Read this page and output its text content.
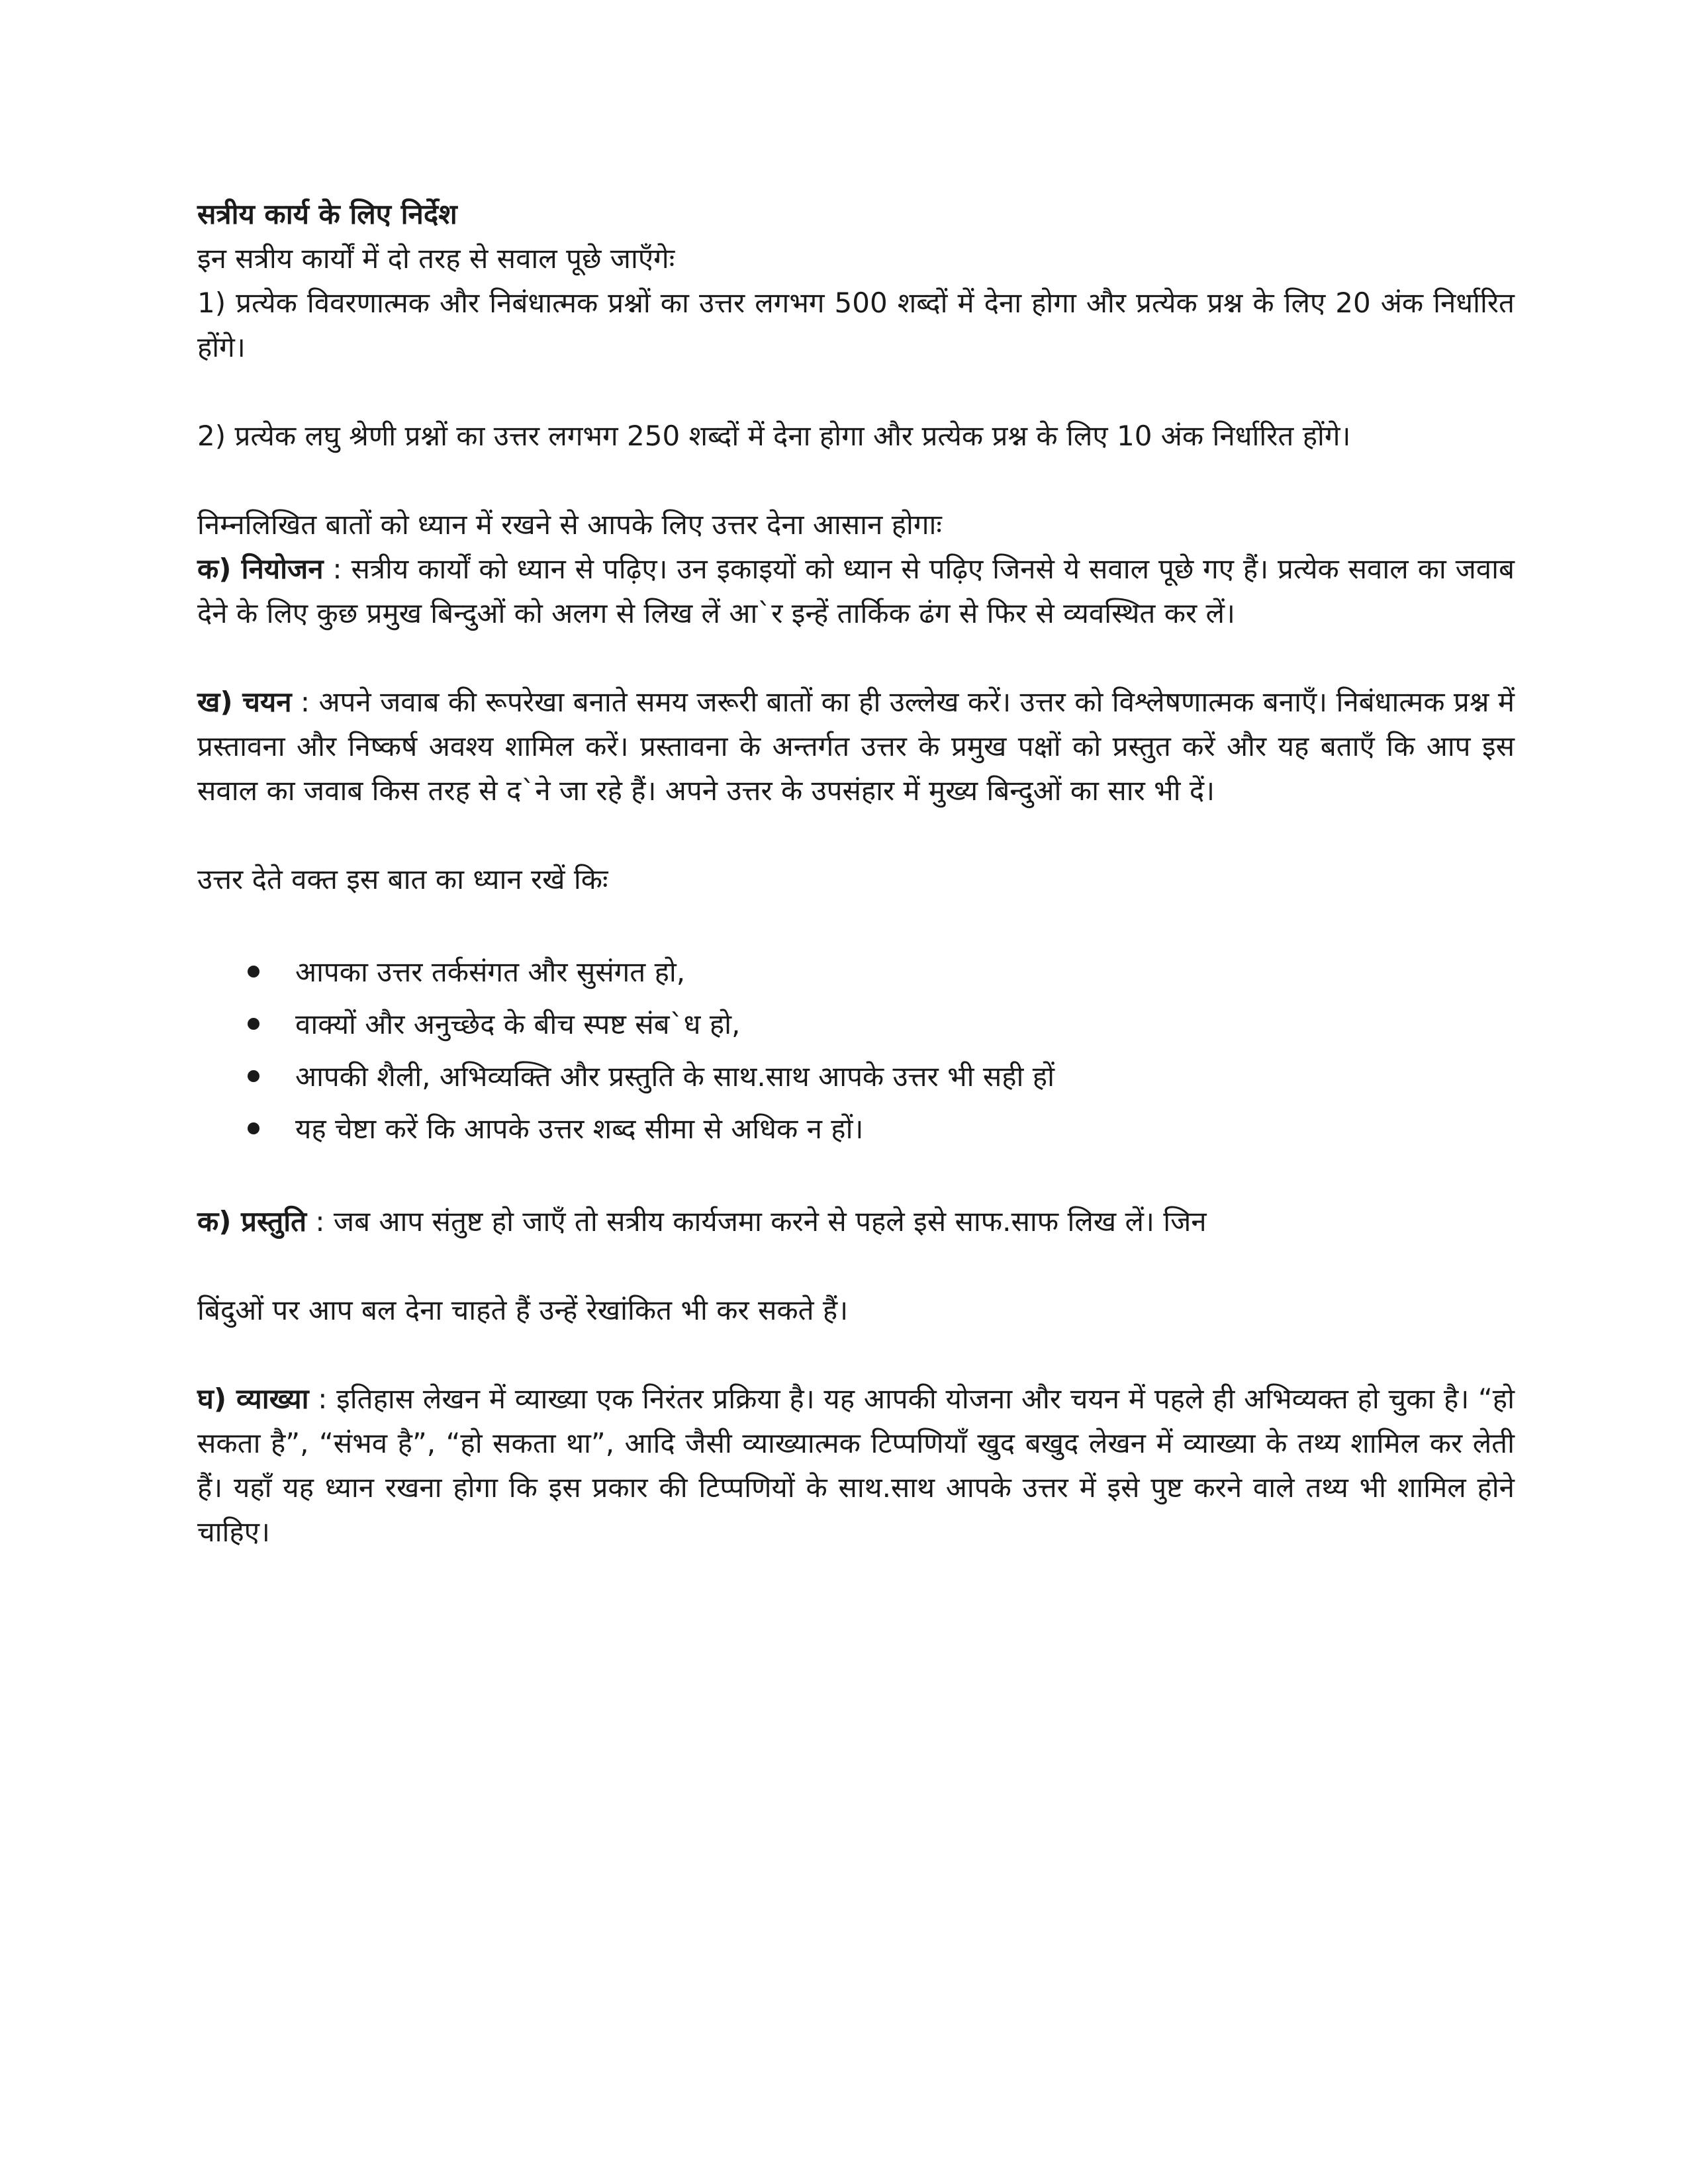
सत्रीय कार्य के लिए निर्देश

इन सत्रीय कार्यों में दो तरह से सवाल पूछे जाएँगेः

1) प्रत्येक विवरणात्मक और निबंधात्मक प्रश्नों का उत्तर लगभग 500 शब्दों में देना होगा और प्रत्येक प्रश्न के लिए 20 अंक निर्धारित होंगे।

2) प्रत्येक लघु श्रेणी प्रश्नों का उत्तर लगभग 250 शब्दों में देना होगा और प्रत्येक प्रश्न के लिए 10 अंक निर्धारित होंगे।

निम्नलिखित बातों को ध्यान में रखने से आपके लिए उत्तर देना आसान होगाः

क) नियोजन : सत्रीय कार्यों को ध्यान से पढ़िए। उन इकाइयों को ध्यान से पढ़िए जिनसे ये सवाल पूछे गए हैं। प्रत्येक सवाल का जवाब देने के लिए कुछ प्रमुख बिन्दुओं को अलग से लिख लें आ`र इन्हें तार्किक ढंग से फिर से व्यवस्थित कर लें।

ख) चयन : अपने जवाब की रूपरेखा बनाते समय जरूरी बातों का ही उल्लेख करें। उत्तर को विश्लेषणात्मक बनाएँ। निबंधात्मक प्रश्न में प्रस्तावना और निष्कर्ष अवश्य शामिल करें। प्रस्तावना के अन्तर्गत उत्तर के प्रमुख पक्षों को प्रस्तुत करें और यह बताएँ कि आप इस सवाल का जवाब किस तरह से द`ने जा रहे हैं। अपने उत्तर के उपसंहार में मुख्य बिन्दुओं का सार भी दें।

उत्तर देते वक्त इस बात का ध्यान रखें किः

आपका उत्तर तर्कसंगत और सुसंगत हो,
वाक्यों और अनुच्छेद के बीच स्पष्ट संब`ध हो,
आपकी शैली, अभिव्यक्ति और प्रस्तुति के साथ.साथ आपके उत्तर भी सही हों
यह चेष्टा करें कि आपके उत्तर शब्द सीमा से अधिक न हों।

क) प्रस्तुति : जब आप संतुष्ट हो जाएँ तो सत्रीय कार्यजमा करने से पहले इसे साफ.साफ लिख लें। जिन

बिंदुओं पर आप बल देना चाहते हैं उन्हें रेखांकित भी कर सकते हैं।

घ) व्याख्या : इतिहास लेखन में व्याख्या एक निरंतर प्रक्रिया है। यह आपकी योजना और चयन में पहले ही अभिव्यक्त हो चुका है। “हो सकता है”, “संभव है”, “हो सकता था”, आदि जैसी व्याख्यात्मक टिप्पणियाँ खुद बखुद लेखन में व्याख्या के तथ्य शामिल कर लेती हैं। यहाँ यह ध्यान रखना होगा कि इस प्रकार की टिप्पणियों के साथ.साथ आपके उत्तर में इसे पुष्ट करने वाले तथ्य भी शामिल होने चाहिए।
